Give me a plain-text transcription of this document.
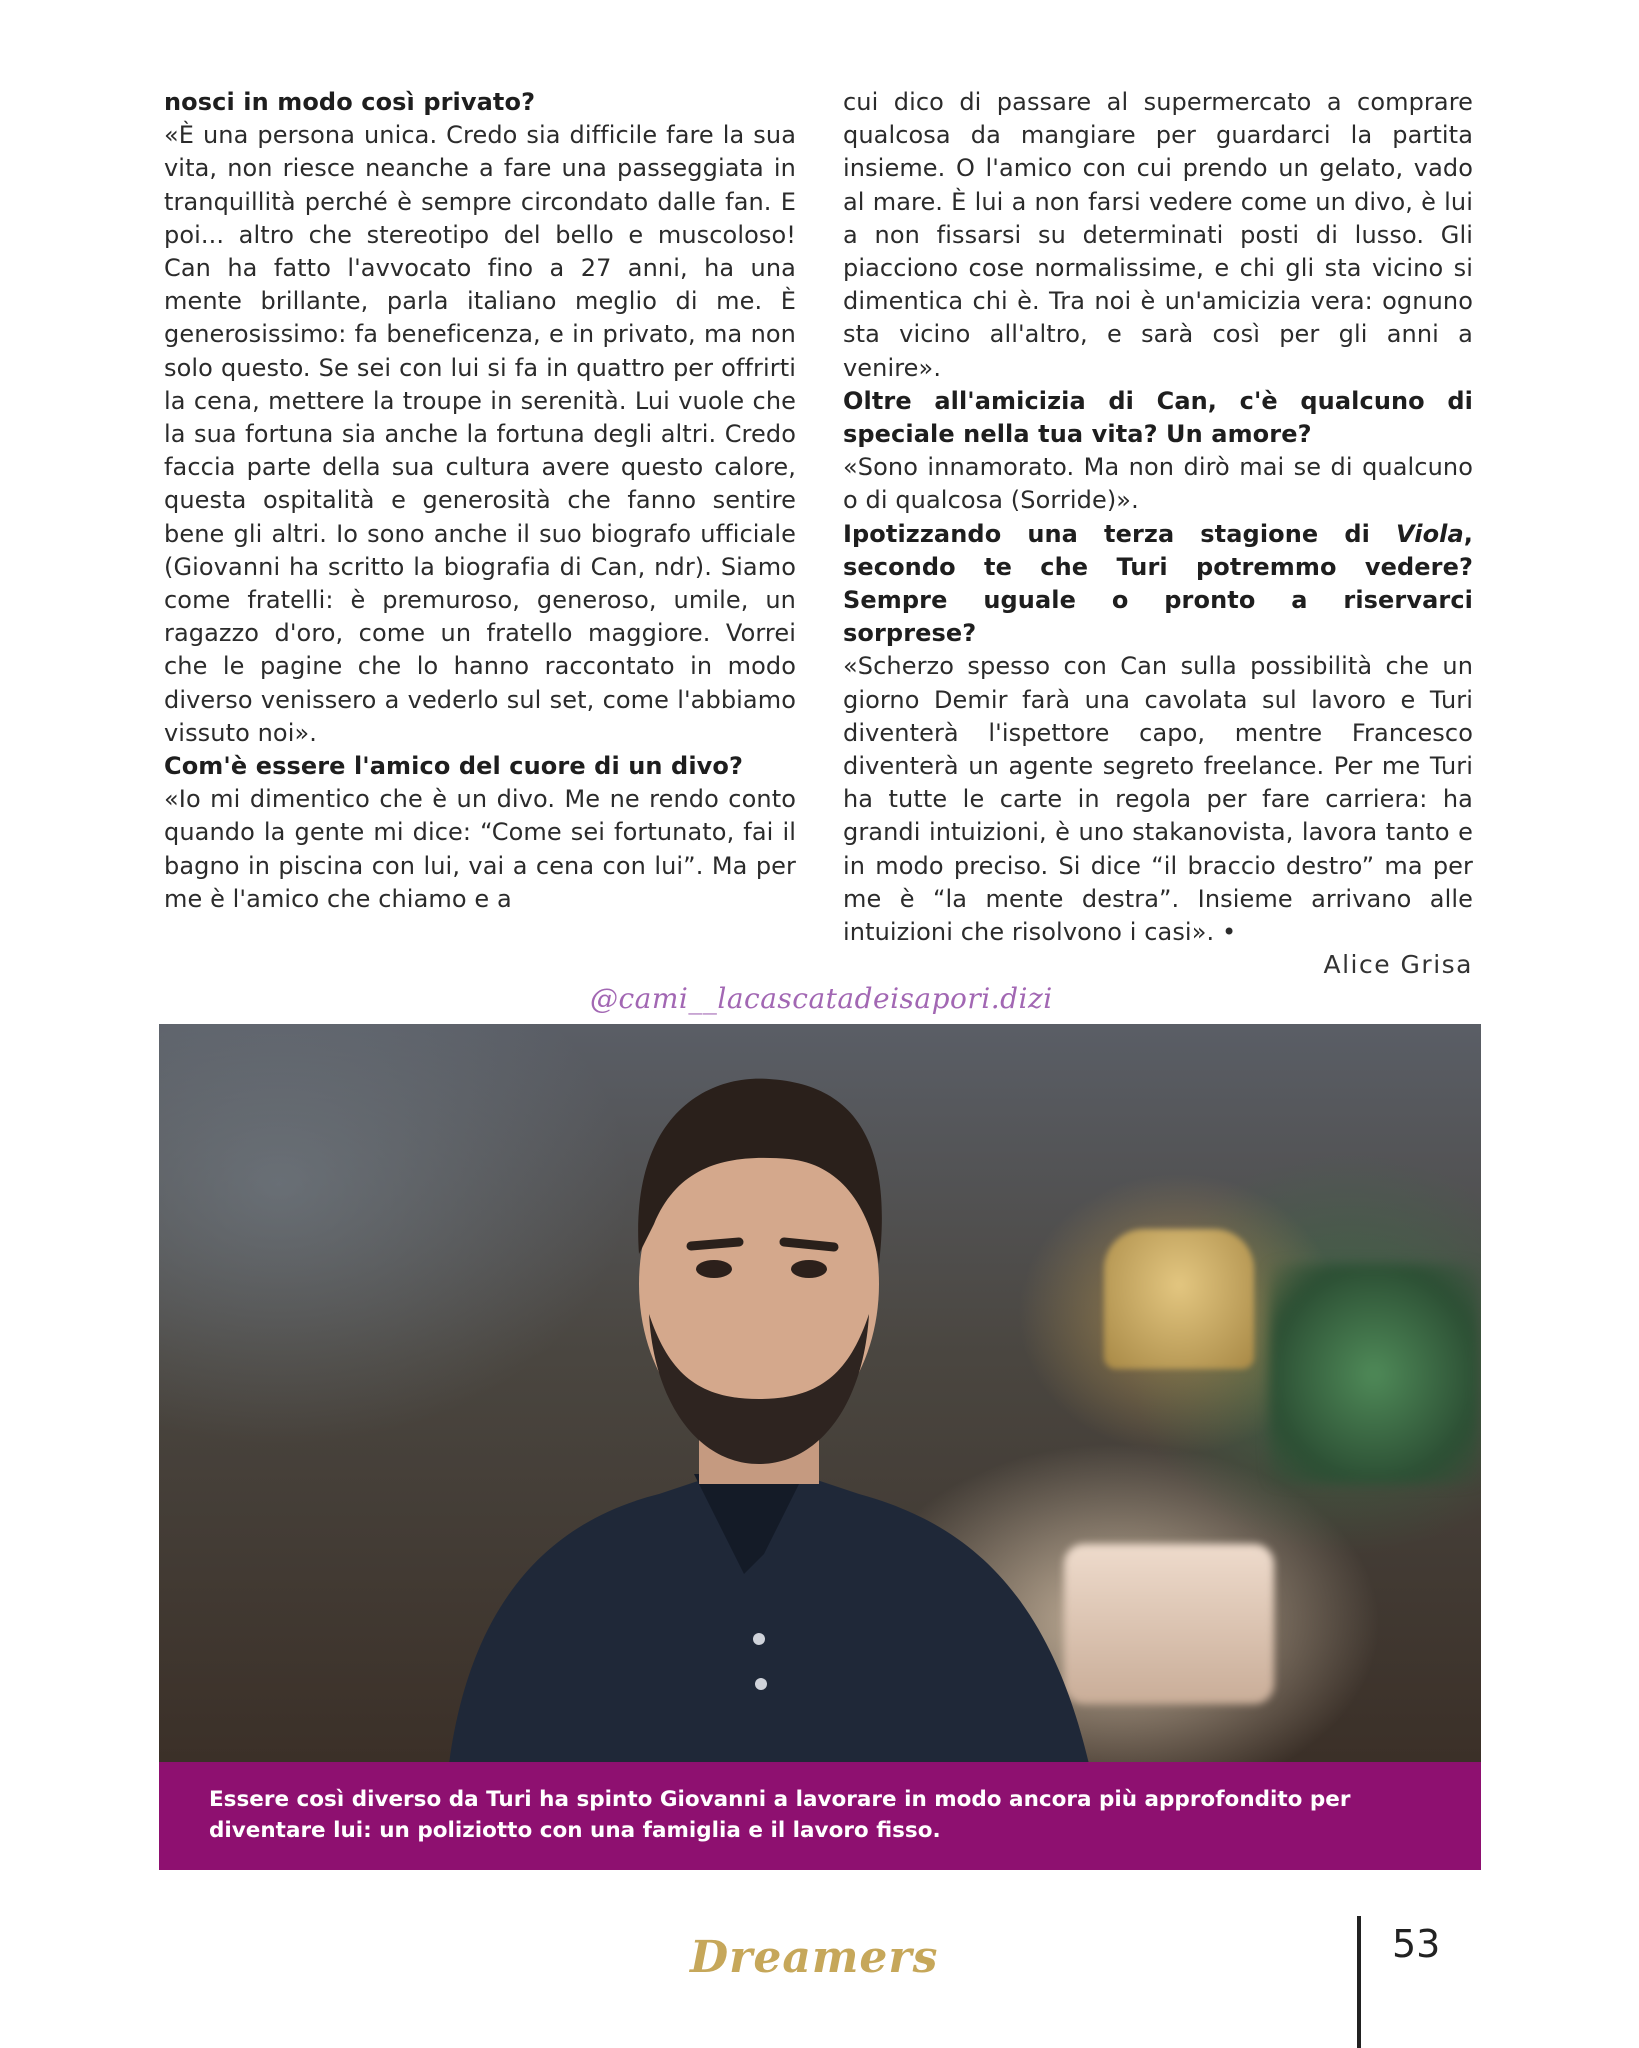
nosci in modo così privato?

«È una persona unica. Credo sia difficile fare la sua vita, non riesce neanche a fare una passeggiata in tranquillità perché è sempre circondato dalle fan. E poi... altro che stereotipo del bello e muscoloso! Can ha fatto l'avvocato fino a 27 anni, ha una mente brillante, parla italiano meglio di me. È generosissimo: fa beneficenza, e in privato, ma non solo questo. Se sei con lui si fa in quattro per offrirti la cena, mettere la troupe in serenità. Lui vuole che la sua fortuna sia anche la fortuna degli altri. Credo faccia parte della sua cultura avere questo calore, questa ospitalità e generosità che fanno sentire bene gli altri. Io sono anche il suo biografo ufficiale (Giovanni ha scritto la biografia di Can, ndr). Siamo come fratelli: è premuroso, generoso, umile, un ragazzo d'oro, come un fratello maggiore. Vorrei che le pagine che lo hanno raccontato in modo diverso venissero a vederlo sul set, come l'abbiamo vissuto noi».

Com'è essere l'amico del cuore di un divo?

«Io mi dimentico che è un divo. Me ne rendo conto quando la gente mi dice: “Come sei fortunato, fai il bagno in piscina con lui, vai a cena con lui”. Ma per me è l'amico che chiamo e a

cui dico di passare al supermercato a comprare qualcosa da mangiare per guardarci la partita insieme. O l'amico con cui prendo un gelato, vado al mare. È lui a non farsi vedere come un divo, è lui a non fissarsi su determinati posti di lusso. Gli piacciono cose normalissime, e chi gli sta vicino si dimentica chi è. Tra noi è un'amicizia vera: ognuno sta vicino all'altro, e sarà così per gli anni a venire».

Oltre all'amicizia di Can, c'è qualcuno di speciale nella tua vita? Un amore?

«Sono innamorato. Ma non dirò mai se di qualcuno o di qualcosa (Sorride)».

Ipotizzando una terza stagione di Viola, secondo te che Turi potremmo vedere? Sempre uguale o pronto a riservarci sorprese?

«Scherzo spesso con Can sulla possibilità che un giorno Demir farà una cavolata sul lavoro e Turi diventerà l'ispettore capo, mentre Francesco diventerà un agente segreto freelance. Per me Turi ha tutte le carte in regola per fare carriera: ha grandi intuizioni, è uno stakanovista, lavora tanto e in modo preciso. Si dice “il braccio destro” ma per me è “la mente destra”. Insieme arrivano alle intuizioni che risolvono i casi». •

Alice Grisa
@cami__lacascatadeisapori.dizi
Essere così diverso da Turi ha spinto Giovanni a lavorare in modo ancora più approfondito per diventare lui: un poliziotto con una famiglia e il lavoro fisso.
Dreamers	53
